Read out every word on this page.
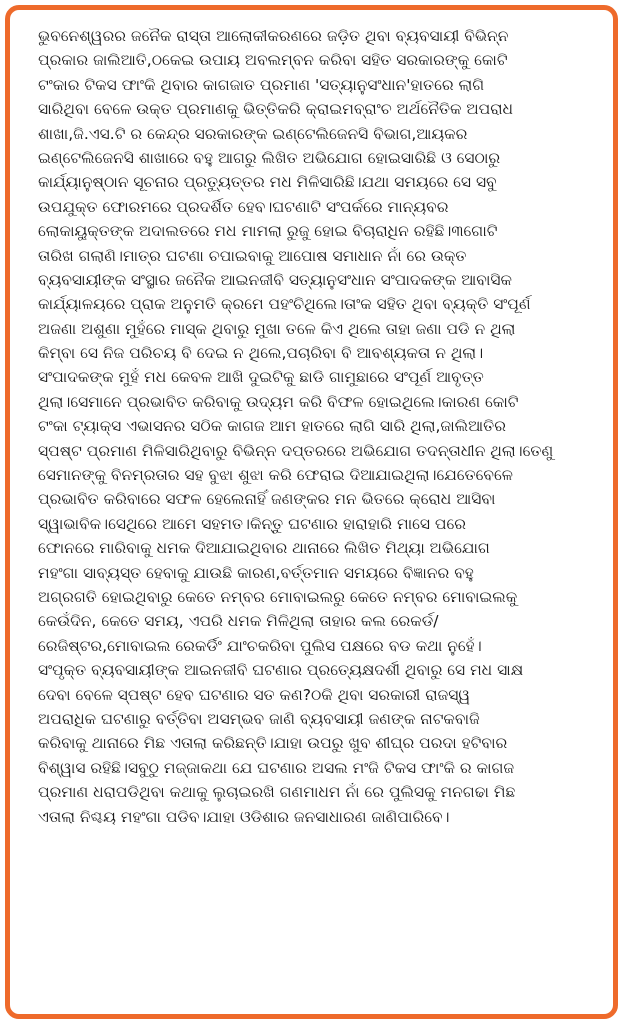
ଭୁବନେଶ୍ୱରର ଜନୈକ ରାସ୍ତା ଆଲୋକୀକରଣରେ ଜଡ଼ିତ ଥିବା ବ୍ୟବସାୟୀ ବିଭିନ୍ନ
ପ୍ରକାର ଜାଲିଆତି,ଠକେଇ ଉପାୟ ଅବଲମ୍ବନ କରିବା ସହିତ ସରକାରଙ୍କୁ କୋଟି
ଟଂକାର ଟିକସ ଫାଂକି ଥିବାର କାଗଜାତ ପ୍ରମାଣ 'ସତ୍ୟାନୁସଂଧାନ'ହାତରେ ଲାଗି
ସାରିଥିବା ବେଳେ ଉକ୍ତ ପ୍ରମାଣକୁ ଭିତ୍ତିକରି କ୍ରାଇମବ୍ରାଂଚ ଅର୍ଥନୈତିକ ଅପରାଧ
ଶାଖା,ଜି.ଏସ.ଟି ର କେନ୍ଦ୍ର ସରକାରଙ୍କ ଇଣ୍ଟେଲିଜେନସି ବିଭାଗ,ଆୟକର
ଇଣ୍ଟେଲିଜେନସି ଶାଖାରେ ବହୁ ଆଗରୁ ଲିଖିତ ଅଭିଯୋଗ ହୋଇସାରିଛି ଓ ସେଠାରୁ
କାର୍ଯ୍ୟାନୁଷ୍ଠାନ ସୂଚନାର ପ୍ରତ୍ୟୁତ୍ତର ମଧ ମିଳିସାରିଛି।ଯଥା ସମୟରେ ସେ ସବୁ
ଉପଯୁକ୍ତ ଫୋରମରେ ପ୍ରଦର୍ଶିତ ହେବ।ଘଟଣାଟି ସଂପର୍କରେ ମାନ୍ୟବର
ଲୋକାୟୁକ୍ତଙ୍କ ଅଦାଲତରେ ମଧ ମାମଲା ରୁଜୁ ହୋଇ ବିଚାରାଧିନ ରହିଛି।୩ଗୋଟି
ତାରିଖ ଗଲାଣି।ମାତ୍ର ଘଟଣା ଚପାଇବାକୁ ଆପୋଷ ସମାଧାନ ନାଁ ରେ ଉକ୍ତ
ବ୍ୟବସାୟୀଙ୍କ ସଂସ୍ଥାର ଜନୈକ ଆଇନଜୀବି ସତ୍ୟାନୁସଂଧାନ ସଂପାଦକଙ୍କ ଆବାସିକ
କାର୍ଯ୍ୟାଳୟରେ ପ୍ରାକ ଅନୁମତି କ୍ରମେ ପହଂଚିଥିଲେ।ତାଂକ ସହିତ ଥିବା ବ୍ୟକ୍ତି ସଂପୂର୍ଣ
ଅଜଣା ଅଶୁଣା ମୁହଁରେ ମାସ୍କ ଥିବାରୁ ମୁଖା ତଳେ କିଏ ଥିଲେ ତାହା ଜଣା ପଡି ନ ଥିଲା
କିମ୍ବା ସେ ନିଜ ପରିଚୟ ବି ଦେଇ ନ ଥିଲେ,ପଚାରିବା ବି ଆବଶ୍ୟକତା ନ ଥିଲା।
ସଂପାଦକଙ୍କ ମୁହଁ ମଧ କେବଳ ଆଖି ଦୁଇଟିକୁ ଛାଡି ଗାମୁଛାରେ ସଂପୂର୍ଣ ଆବୃତ୍ତ
ଥିଲା।ସେମାନେ ପ୍ରଭାବିତ କରିବାକୁ ଉଦ୍ୟମ କରି ବିଫଳ ହୋଇଥିଲେ।କାରଣ କୋଟି
ଟଂକା ଟ୍ୟାକ୍ସ ଏଭାସନର ସଠିକ କାଗଜ ଆମ ହାତରେ ଲାଗି ସାରି ଥିଲା,ଜାଲିଆତିର
ସ୍ପଷ୍ଟ ପ୍ରମାଣ ମିଳିସାରିଥିବାରୁ ବିଭିନ୍ନ ଦପ୍ତରରେ ଅଭିଯୋଗ ତଦନ୍ତାଧୀନ ଥିଲା।ତେଣୁ
ସେମାନଙ୍କୁ ବିନମ୍ରତାର ସହ ବୁଝା ଶୁଝା କରି ଫେରାଇ ଦିଆଯାଇଥିଲା।ଯେତେବେଳେ
ପ୍ରଭାବିତ କରିବାରେ ସଫଳ ହେଲେନାହିଁ ଜଣଙ୍କର ମନ ଭିତରେ କ୍ରୋଧ ଆସିବା
ସ୍ୱାଭାବିକ।ସେଥିରେ ଆମେ ସହମତ।କିନ୍ତୁ ଘଟଣାର ହାରାହାରି ମାସେ ପରେ
ଫୋନରେ ମାରିବାକୁ ଧମକ ଦିଆଯାଇଥିବାର ଥାନାରେ ଲିଖିତ ମିଥ୍ୟା ଅଭିଯୋଗ
ମହଂଗା ସାବ୍ୟସ୍ତ ହେବାକୁ ଯାଉଛି କାରଣ,ବର୍ତ୍ତମାନ ସମୟରେ ବିଜ୍ଞାନର ବହୁ
ଅଗ୍ରଗତି ହୋଇଥିବାରୁ କେତେ ନମ୍ବର ମୋବାଇଲରୁ କେତେ ନମ୍ବର ମୋବାଇଲକୁ
କେଉଁଦିନ, କେତେ ସମୟ, ଏପରି ଧମକ ମିଳିଥିଲା ତାହାର କଲ ରେକର୍ଡ/
ରେଜିଷ୍ଟର,ମୋବାଇଲ ରେକର୍ଡିଂ ଯାଂଚକରିବା ପୁଲିସ ପକ୍ଷରେ ବଡ କଥା ନୁହେଁ।
ସଂପୃକ୍ତ ବ୍ୟବସାୟୀଙ୍କ ଆଇନଜୀବି ଘଟଣାର ପ୍ରତ୍ୟେକ୍ଷଦର୍ଶୀ ଥିବାରୁ ସେ ମଧ ସାକ୍ଷ
ଦେବା ବେଳେ ସ୍ପଷ୍ଟ ହେବ ଘଟଣାର ସତ କଣ?ଠକି ଥିବା ସରକାରୀ ରାଜସ୍ୱ
ଅପରାଧିକ ଘଟଣାରୁ ବର୍ତ୍ତିବା ଅସମ୍ଭବ ଜାଣି ବ୍ୟବସାୟୀ ଜଣଙ୍କ ନାଟକବାଜି
କରିବାକୁ ଥାନାରେ ମିଛ ଏତାଲା କରିଛନ୍ତି।ଯାହା ଉପରୁ ଖୁବ ଶୀଘ୍ର ପରଦା ହଟିବାର
ବିଶ୍ୱାସ ରହିଛି।ସବୁଠୁ ମଜ୍ଜାକଥା ଯେ ଘଟଣାର ଅସଲ ମଂଜି ଟିକସ ଫାଂକି ର କାଗଜ
ପ୍ରମାଣ ଧରାପଡିଥିବା କଥାକୁ ଲୁଚାଇରଖି ଗଣମାଧମ ନାଁ ରେ ପୁଲିସକୁ ମନଗଢା ମିଛ
ଏତାଲା ନିଶ୍ଚୟ ମହଂଗା ପଡିବ।ଯାହା ଓଡିଶାର ଜନସାଧାରଣ ଜାଣିପାରିବେ।
